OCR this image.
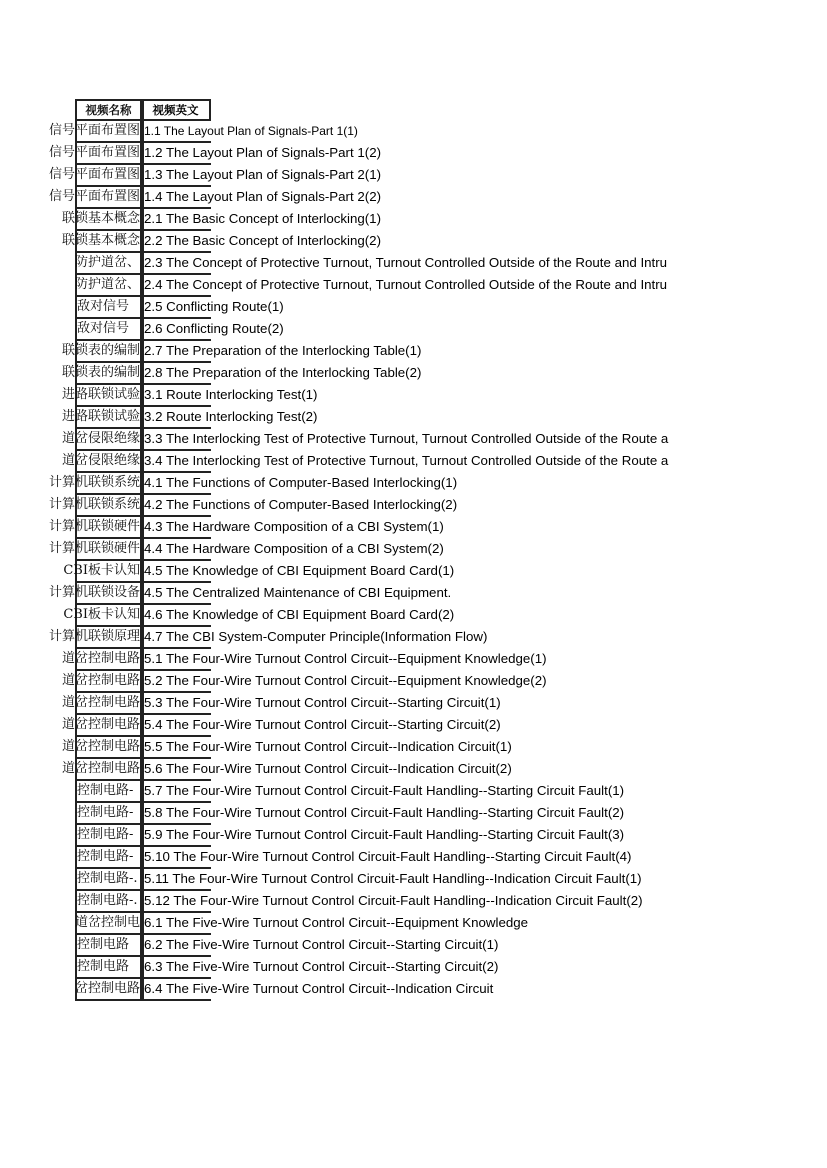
视频名称	视频英文
信号平面布置图 1.1 The Layout Plan of Signals-Part 1(1)
信号平面布置图 1.2 The Layout Plan of Signals-Part 1(2)
信号平面布置图 1.3 The Layout Plan of Signals-Part 2(1)
信号平面布置图 1.4 The Layout Plan of Signals-Part 2(2)
联锁基本概念 2.1 The Basic Concept of Interlocking(1)
联锁基本概念 2.2 The Basic Concept of Interlocking(2)
防护道岔、 2.3 The Concept of Protective Turnout, Turnout Controlled Outside of the Route and Intru
防护道岔、 2.4 The Concept of Protective Turnout, Turnout Controlled Outside of the Route and Intru
敌对信号	2.5 Conflicting Route(1)
敌对信号	2.6 Conflicting Route(2)
联锁表的编制 2.7 The Preparation of the Interlocking Table(1)
联锁表的编制 2.8 The Preparation of the Interlocking Table(2)
进路联锁试验 3.1 Route Interlocking Test(1)
进路联锁试验 3.2 Route Interlocking Test(2)
道岔侵限绝缘 3.3 The Interlocking Test of Protective Turnout, Turnout Controlled Outside of the Route a
道岔侵限绝缘 3.4 The Interlocking Test of Protective Turnout, Turnout Controlled Outside of the Route a
计算机联锁系统 4.1 The Functions of Computer-Based Interlocking(1)
计算机联锁系统 4.2 The Functions of Computer-Based Interlocking(2)
计算机联锁硬件 4.3 The Hardware Composition of a CBI System(1)
计算机联锁硬件 4.4 The Hardware Composition of a CBI System(2)
CBI板卡认知 4.5 The Knowledge of CBI Equipment Board Card(1)
计算机联锁设备 4.5 The Centralized Maintenance of CBI Equipment.
CBI板卡认知 4.6 The Knowledge of CBI Equipment Board Card(2)
计算机联锁原理 4.7 The CBI System-Computer Principle(Information Flow)
道岔控制电路 5.1 The Four-Wire Turnout Control Circuit--Equipment Knowledge(1)
道岔控制电路 5.2 The Four-Wire Turnout Control Circuit--Equipment Knowledge(2)
道岔控制电路 5.3 The Four-Wire Turnout Control Circuit--Starting Circuit(1)
道岔控制电路 5.4 The Four-Wire Turnout Control Circuit--Starting Circuit(2)
道岔控制电路 5.5 The Four-Wire Turnout Control Circuit--Indication Circuit(1)
道岔控制电路 5.6 The Four-Wire Turnout Control Circuit--Indication Circuit(2)
控制电路- 5.7 The Four-Wire Turnout Control Circuit-Fault Handling--Starting Circuit Fault(1)
控制电路- 5.8 The Four-Wire Turnout Control Circuit-Fault Handling--Starting Circuit Fault(2)
控制电路- 5.9 The Four-Wire Turnout Control Circuit-Fault Handling--Starting Circuit Fault(3)
控制电路- 5.10 The Four-Wire Turnout Control Circuit-Fault Handling--Starting Circuit Fault(4)
控制电路-. 5.11 The Four-Wire Turnout Control Circuit-Fault Handling--Indication Circuit Fault(1)
控制电路-. 5.12 The Four-Wire Turnout Control Circuit-Fault Handling--Indication Circuit Fault(2)
道岔控制电 6.1 The Five-Wire Turnout Control Circuit--Equipment Knowledge
控制电路	6.2 The Five-Wire Turnout Control Circuit--Starting Circuit(1)
控制电路	6.3 The Five-Wire Turnout Control Circuit--Starting Circuit(2)
岔控制电路 6.4 The Five-Wire Turnout Control Circuit--Indication Circuit
